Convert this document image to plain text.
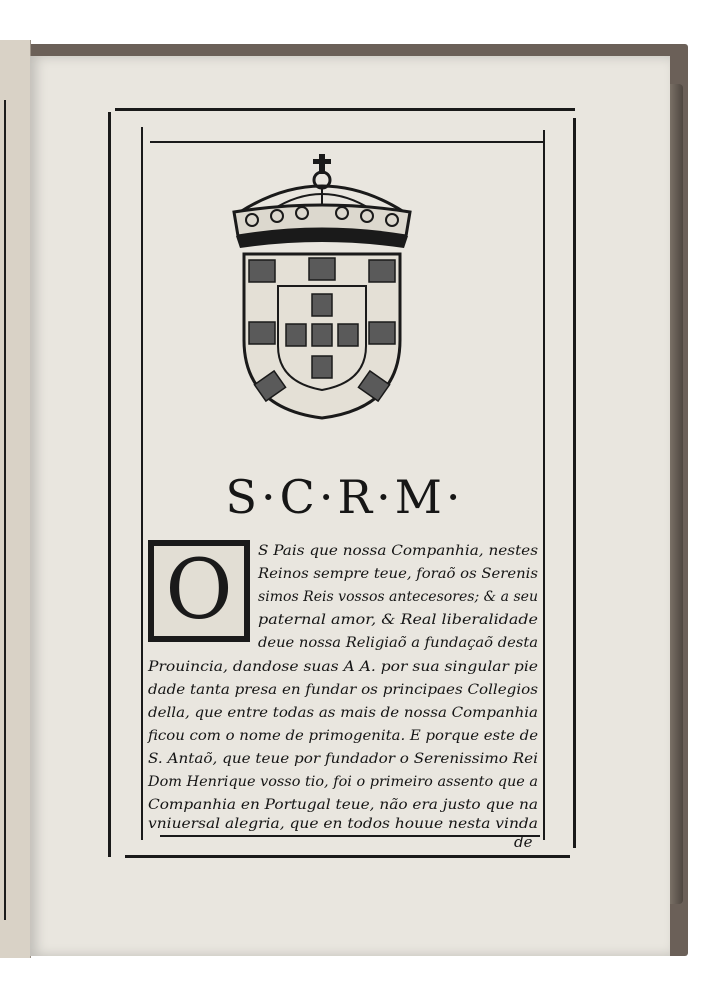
S·C·R·M·
O	S Pais que nossa Companhia, nestes
Reinos sempre teue, foraõ os Serenis
simos Reis vossos antecesores; & a seu
paternal amor, & Real liberalidade
deue nossa Religiaõ a fundaçaõ desta
Prouincia, dandose suas A A. por sua singular pie
dade tanta presa en fundar os principaes Collegios
della, que entre todas as mais de nossa Companhia
ficou com o nome de primogenita. E porque este de
S. Antaõ, que teue por fundador o Serenissimo Rei
Dom Henrique vosso tio, foi o primeiro assento que a
Companhia en Portugal teue, não era justo que na
vniuersal alegria, que en todos houue nesta vinda
de
